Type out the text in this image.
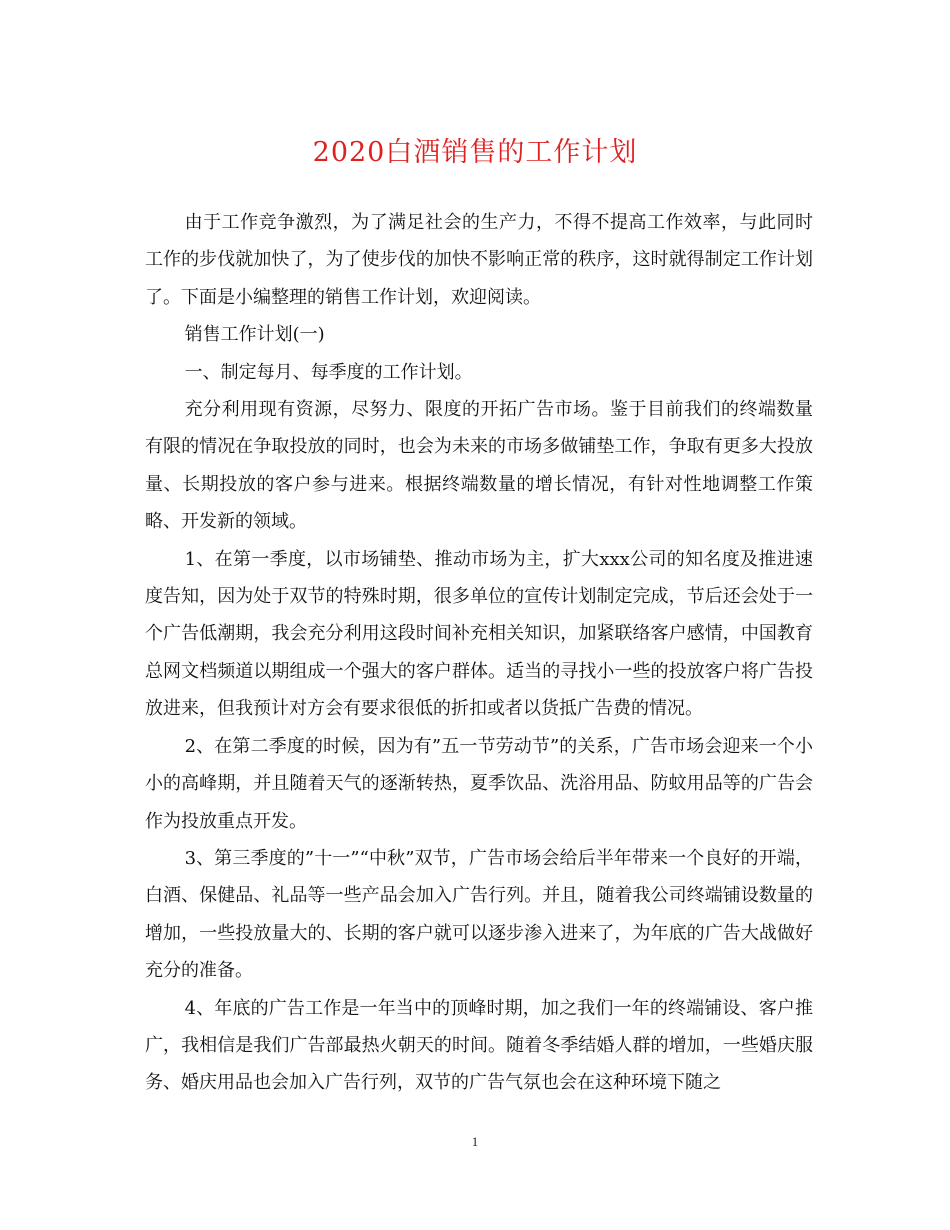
2020白酒销售的工作计划

由于工作竞争激烈，为了满足社会的生产力，不得不提高工作效率，与此同时工作的步伐就加快了，为了使步伐的加快不影响正常的秩序，这时就得制定工作计划了。下面是小编整理的销售工作计划，欢迎阅读。

销售工作计划(一)

一、制定每月、每季度的工作计划。

充分利用现有资源，尽努力、限度的开拓广告市场。鉴于目前我们的终端数量有限的情况在争取投放的同时，也会为未来的市场多做铺垫工作，争取有更多大投放量、长期投放的客户参与进来。根据终端数量的增长情况，有针对性地调整工作策略、开发新的领域。

1、在第一季度，以市场铺垫、推动市场为主，扩大xxx公司的知名度及推进速度告知，因为处于双节的特殊时期，很多单位的宣传计划制定完成，节后还会处于一个广告低潮期，我会充分利用这段时间补充相关知识，加紧联络客户感情，中国教育总网文档频道以期组成一个强大的客户群体。适当的寻找小一些的投放客户将广告投放进来，但我预计对方会有要求很低的折扣或者以货抵广告费的情况。

2、在第二季度的时候，因为有”五一节劳动节”的关系，广告市场会迎来一个小小的高峰期，并且随着天气的逐渐转热，夏季饮品、洗浴用品、防蚊用品等的广告会作为投放重点开发。

3、第三季度的”十一”“中秋”双节，广告市场会给后半年带来一个良好的开端，白酒、保健品、礼品等一些产品会加入广告行列。并且，随着我公司终端铺设数量的增加，一些投放量大的、长期的客户就可以逐步渗入进来了，为年底的广告大战做好充分的准备。

4、年底的广告工作是一年当中的顶峰时期，加之我们一年的终端铺设、客户推广，我相信是我们广告部最热火朝天的时间。随着冬季结婚人群的增加，一些婚庆服务、婚庆用品也会加入广告行列，双节的广告气氛也会在这种环境下随之

1
